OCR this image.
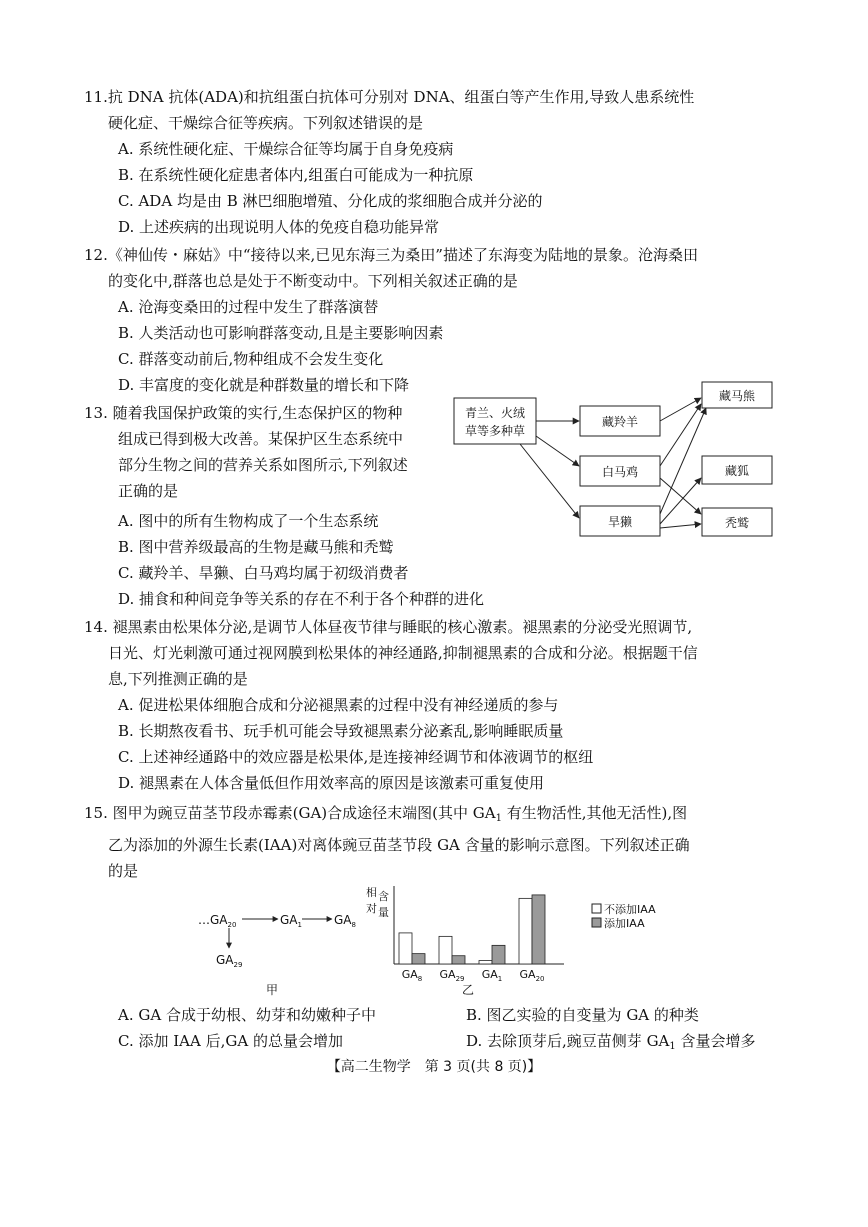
11.抗 DNA 抗体(ADA)和抗组蛋白抗体可分别对 DNA、组蛋白等产生作用,导致人患系统性
硬化症、干燥综合征等疾病。下列叙述错误的是
A. 系统性硬化症、干燥综合征等均属于自身免疫病
B. 在系统性硬化症患者体内,组蛋白可能成为一种抗原
C. ADA 均是由 B 淋巴细胞增殖、分化成的浆细胞合成并分泌的
D. 上述疾病的出现说明人体的免疫自稳功能异常
12.《神仙传・麻姑》中“接待以来,已见东海三为桑田”描述了东海变为陆地的景象。沧海桑田
的变化中,群落也总是处于不断变动中。下列相关叙述正确的是
A. 沧海变桑田的过程中发生了群落演替
B. 人类活动也可影响群落变动,且是主要影响因素
C. 群落变动前后,物种组成不会发生变化
D. 丰富度的变化就是种群数量的增长和下降
13. 随着我国保护政策的实行,生态保护区的物种
组成已得到极大改善。某保护区生态系统中
部分生物之间的营养关系如图所示,下列叙述
正确的是
A. 图中的所有生物构成了一个生态系统
B. 图中营养级最高的生物是藏马熊和秃鹫
C. 藏羚羊、旱獭、白马鸡均属于初级消费者
D. 捕食和种间竞争等关系的存在不利于各个种群的进化
青兰、火绒
草等多种草
藏羚羊
白马鸡
旱獭
藏马熊
藏狐
秃鹫
14. 褪黑素由松果体分泌,是调节人体昼夜节律与睡眠的核心激素。褪黑素的分泌受光照调节,
日光、灯光刺激可通过视网膜到松果体的神经通路,抑制褪黑素的合成和分泌。根据题干信
息,下列推测正确的是
A. 促进松果体细胞合成和分泌褪黑素的过程中没有神经递质的参与
B. 长期熬夜看书、玩手机可能会导致褪黑素分泌紊乱,影响睡眠质量
C. 上述神经通路中的效应器是松果体,是连接神经调节和体液调节的枢纽
D. 褪黑素在人体含量低但作用效率高的原因是该激素可重复使用
15. 图甲为豌豆苗茎节段赤霉素(GA)合成途径末端图(其中 $GA_1$ 有生物活性,其他无活性),图
乙为添加的外源生长素(IAA)对离体豌豆苗茎节段 GA 含量的影响示意图。下列叙述正确
的是
$\dots GA_{20}$	$GA_1$	$GA_8$
$GA_{29}$
甲
相
对
含
量
$GA_8$ $GA_{29}$ $GA_1$ $GA_{20}$
不添加IAA
添加IAA
乙
A. GA 合成于幼根、幼芽和幼嫩种子中	B. 图乙实验的自变量为 GA 的种类
C. 添加 IAA 后,GA 的总量会增加	D. 去除顶芽后,豌豆苗侧芽 $GA_1$ 含量会增多
【高二生物学　第 3 页(共 8 页)】
